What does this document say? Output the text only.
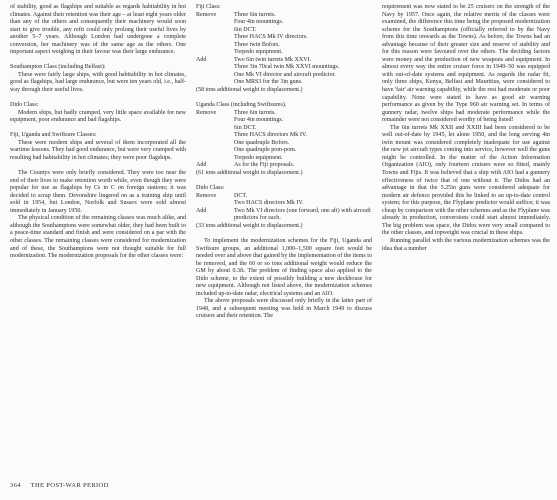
of stability, good as flagships and suitable as regards habitability in hot climates. Against their retention was their age – at least eight years older than any of the others and consequently their machinery would soon start to give trouble, any refit could only prolong their useful lives by another 5–7 years. Although London had undergone a complete conversion, her machinery was of the same age as the others. One important aspect weighing in their favour was their large endurance.

Southampton Class (including Belfast):

These were fairly large ships, with good habitability in hot climates, good as flagships, had large endurance, but were ten years old, i.e., half-way through their useful lives.

Dido Class:

Modern ships, but badly cramped, very little space available for new equipment, poor endurance and bad flagships.

Fiji, Uganda and Swiftsure Classes:

These were modern ships and several of them incorporated all the wartime lessons. They had good endurance, but were very cramped with resulting bad habitability in hot climates; they were poor flagships.

The Countys were only briefly considered. They were too near the end of their lives to make retention worth while, even though they were popular for use as flagships by Cs in C on foreign stations; it was decided to scrap them. Devonshire lingered on as a training ship until sold in 1954, but London, Norfolk and Sussex were sold almost immediately in January 1950.

The physical condition of the remaining classes was much alike, and although the Southamptons were somewhat older, they had been built to a peace-time standard and finish and were considered on a par with the other classes. The remaining classes were considered for modernization and of these, the Southamptons were not thought suitable for full modernization. The modernization proposals for the other classes were:

Fiji Class:

Remove	Three 6in turrets.
Four 4in mountings.
6in DCT.
Three HACS Mk IV directors.
Three twin Bofors.
Torpedo equipment.
Add	Two 6in twin turrets Mk XXVI.
Three 3in 70cal twin Mk XXVI mountings.
One Mk VI director and aircraft predictor.
One MRS3 for the 3in guns.

(58 tons additional weight to displacement.)

Uganda Class (including Swiftsures).

Remove	Three 6in turrets.
Four 4in mountings.
6in DCT.
Three HACS directors Mk IV.
One quadruple Bofors.
One quadruple pom-pom.
Torpedo equipment.
Add	As for the Fiji proposals.

(61 tons additional weight to displacement.)

Dido Class:

Remove	DCT.
Two HACS directors Mk IV.
Add	Two Mk VI directors (one forward, one aft) with aircraft predictors for each.

(33 tons additional weight to displacement.)

To implement the modernization schemes for the Fiji, Uganda and Swiftsure groups, an additional 1,000–1,500 square feet would be needed over and above that gained by the implementation of the items to be removed, and the 60 or so tons additional weight would reduce the GM by about 0.3ft. The problem of finding space also applied to the Dido scheme, to the extent of possibly building a new deckhouse for new equipment. Although not listed above, the modernization schemes included up-to-date radar, electrical systems and an AIO.

The above proposals were discussed only briefly in the latter part of 1948, and a subsequent meeting was held in March 1949 to discuss cruisers and their retention. The

requirement was now stated to be 25 cruisers on the strength of the Navy by 1957. Once again, the relative merits of the classes were examined, the difference this time being the proposed modernization scheme for the Southamptons (officially referred to by the Navy from this time onwards as the Towns). As before, the Towns had an advantage because of their greater size and reserve of stability and for this reason were favoured over the others. The deciding factors were money and the production of new weapons and equipment. In almost every way the entire cruiser force in 1949–50 was equipped with out-of-date systems and equipment. As regards the radar fit, only three ships, Kenya, Belfast and Mauritius, were considered to have 'fair' air warning capability, while the rest had moderate or poor capability. None were stated to have as good air warning performance as given by the Type 960 air warning set. In terms of gunnery radar, twelve ships had moderate performance while the remainder were not considered worthy of being listed!

The 6in turrets Mk XXII and XXIII had been considered to be well out-of-date by 1945, let alone 1950, and the long serving 4in twin mount was considered completely inadequate for use against the new jet aircraft types coming into service, however well the guns might be controlled. In the matter of the Action Information Organization (AIO), only fourteen cruisers were so fitted, mainly Towns and Fijis. It was believed that a ship with AIO had a gunnery effectiveness of twice that of one without it. The Didos had an advantage in that the 5.25in guns were considered adequate for modern air defence provided this be linked to an up-to-date control system; for this purpose, the Flyplane predictor would suffice; it was cheap by comparison with the other schemes and as the Flyplane was already in production, conversions could start almost immediately. The big problem was space, the Didos were very small compared to the other classes, and topweight was crucial in these ships.

Running parallel with the various modernization schemes was the idea that a number

364 THE POST-WAR PERIOD
